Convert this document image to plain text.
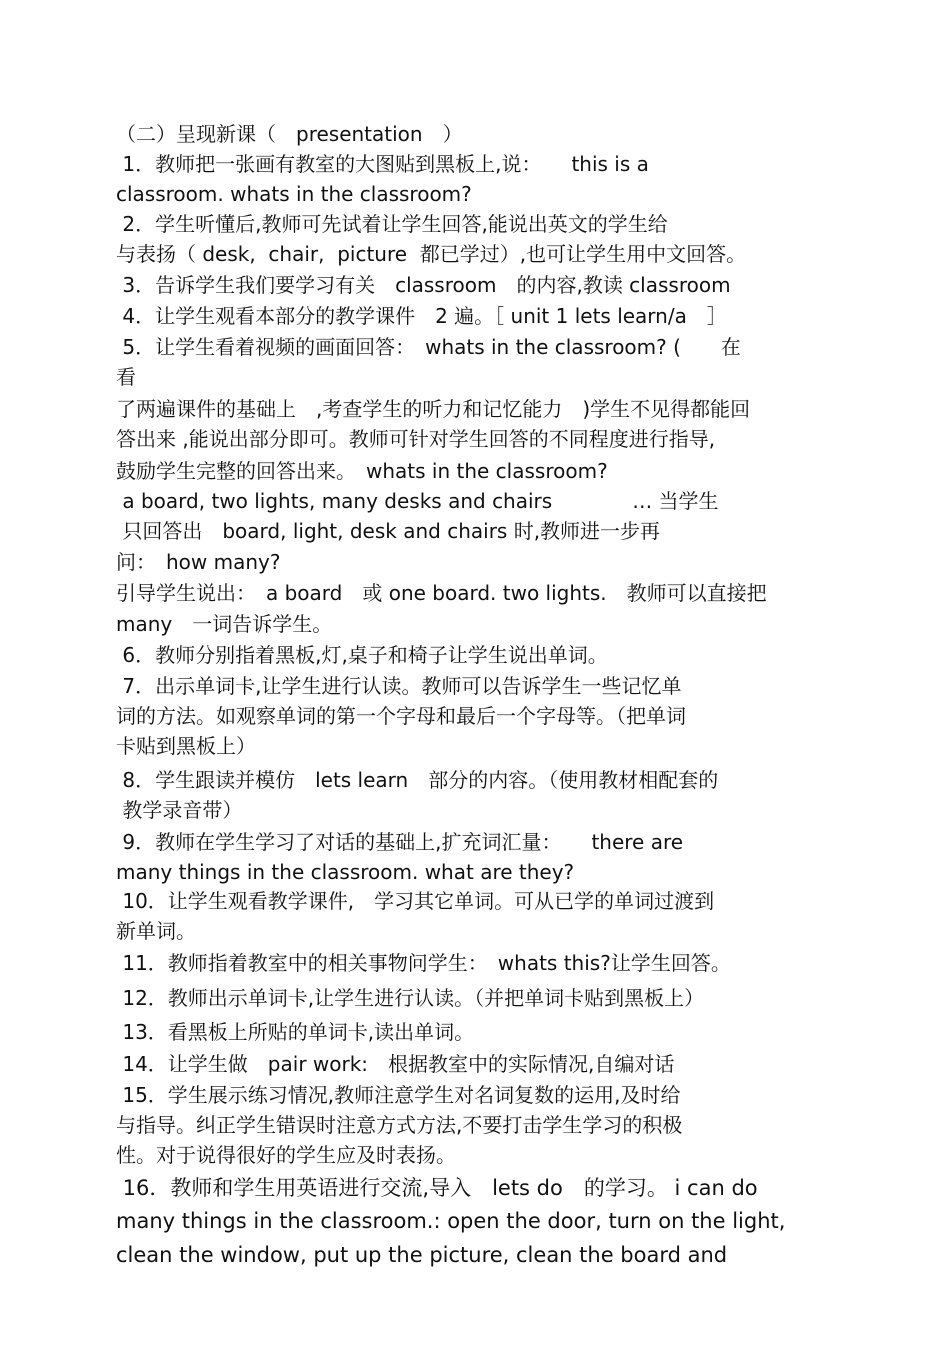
（二）呈现新课（　presentation　）
1．教师把一张画有教室的大图贴到黑板上,说：　　this is a
classroom. whats in the classroom?
2．学生听懂后,教师可先试着让学生回答,能说出英文的学生给
与表扬（ desk,  chair,  picture  都已学过）,也可让学生用中文回答。
3．告诉学生我们要学习有关　classroom　的内容,教读 classroom
4．让学生观看本部分的教学课件　2 遍。［ unit 1 lets learn/a　］
5．让学生看着视频的画面回答：　whats in the classroom? (　　在
看
了两遍课件的基础上　,考查学生的听力和记忆能力　)学生不见得都能回
答出来 ,能说出部分即可。教师可针对学生回答的不同程度进行指导,
鼓励学生完整的回答出来。　whats in the classroom?
a board, two lights, many desks and chairs　　　　… 当学生
只回答出　board, light, desk and chairs 时,教师进一步再
问：　how many?
引导学生说出：　a board　或 one board. two lights.　教师可以直接把
many　一词告诉学生。
6．教师分别指着黑板,灯,桌子和椅子让学生说出单词。
7．出示单词卡,让学生进行认读。教师可以告诉学生一些记忆单
词的方法。如观察单词的第一个字母和最后一个字母等。（把单词
卡贴到黑板上）
8．学生跟读并模仿　lets learn　部分的内容。（使用教材相配套的
教学录音带）
9．教师在学生学习了对话的基础上,扩充词汇量：　　there are
many things in the classroom. what are they?
10．让学生观看教学课件,　学习其它单词。可从已学的单词过渡到
新单词。
11．教师指着教室中的相关事物问学生：　whats this?让学生回答。
12．教师出示单词卡,让学生进行认读。（并把单词卡贴到黑板上）
13．看黑板上所贴的单词卡,读出单词。
14．让学生做　pair work:　根据教室中的实际情况,自编对话
15．学生展示练习情况,教师注意学生对名词复数的运用,及时给
与指导。纠正学生错误时注意方式方法,不要打击学生学习的积极
性。对于说得很好的学生应及时表扬。
16．教师和学生用英语进行交流,导入　lets do　的学习。 i can do
many things in the classroom.: open the door, turn on the light,
clean the window, put up the picture, clean the board and
